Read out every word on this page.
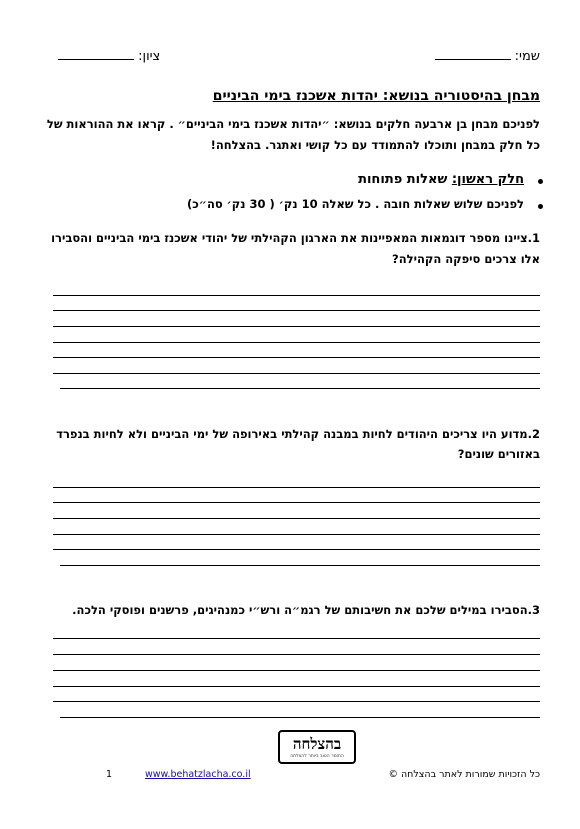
שמי:
ציון:
מבחן בהיסטוריה בנושא: יהדות אשכנז בימי הביניים
לפניכם מבחן בן ארבעה חלקים בנושא: ״יהדות אשכנז בימי הביניים״ . קראו את ההוראות של
כל חלק במבחן ותוכלו להתמודד עם כל קושי ואתגר. בהצלחה!
חלק ראשון: שאלות פתוחות
לפניכם שלוש שאלות חובה . כל שאלה 10 נק׳ ( 30 נק׳ סה״כ)
1.ציינו מספר דוגמאות המאפיינות את הארגון הקהילתי של יהודי אשכנז בימי הביניים והסבירו
אלו צרכים סיפקה הקהילה?
2.מדוע היו צריכים היהודים לחיות במבנה קהילתי באירופה של ימי הביניים ולא לחיות בנפרד
באזורים שונים?
3.הסבירו במילים שלכם את חשיבותם של רגמ״ה ורש״י כמנהיגים, פרשנים ופוסקי הלכה.
בהצלחה
החומר הטוב ביותר להצלחה
כל הזכויות שמורות לאתר בהצלחה ©
www.behatzlacha.co.il
1
